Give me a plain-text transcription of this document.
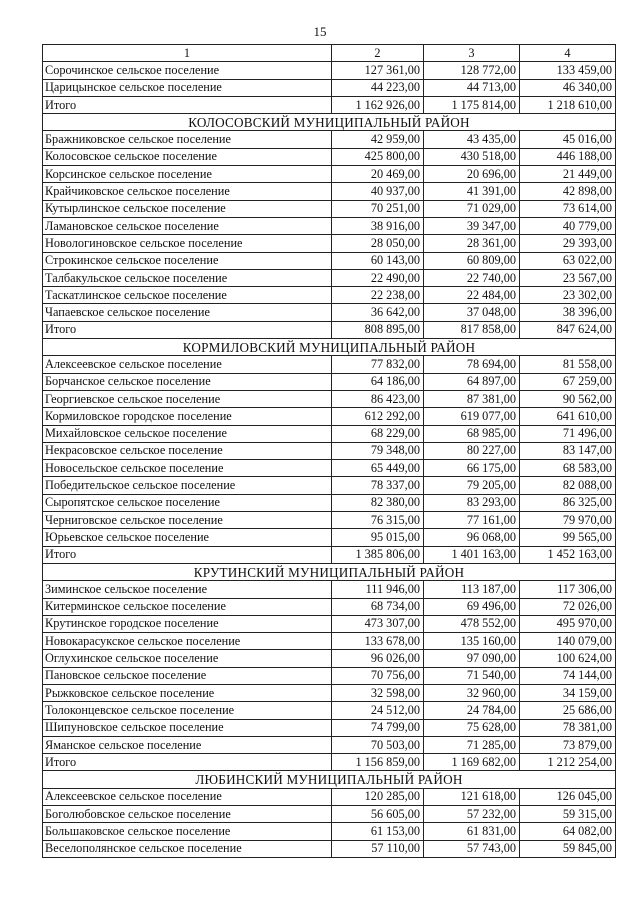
15
1	2	3	4
Сорочинское сельское поселение	127 361,00	128 772,00	133 459,00
Царицынское сельское поселение	44 223,00	44 713,00	46 340,00
Итого	1 162 926,00	1 175 814,00	1 218 610,00
КОЛОСОВСКИЙ МУНИЦИПАЛЬНЫЙ РАЙОН			
Бражниковское сельское поселение	42 959,00	43 435,00	45 016,00
Колосовское сельское поселение	425 800,00	430 518,00	446 188,00
Корсинское сельское поселение	20 469,00	20 696,00	21 449,00
Крайчиковское сельское поселение	40 937,00	41 391,00	42 898,00
Кутырлинское сельское поселение	70 251,00	71 029,00	73 614,00
Ламановское сельское поселение	38 916,00	39 347,00	40 779,00
Новологиновское сельское поселение	28 050,00	28 361,00	29 393,00
Строкинское сельское поселение	60 143,00	60 809,00	63 022,00
Талбакульское сельское поселение	22 490,00	22 740,00	23 567,00
Таскатлинское сельское поселение	22 238,00	22 484,00	23 302,00
Чапаевское сельское поселение	36 642,00	37 048,00	38 396,00
Итого	808 895,00	817 858,00	847 624,00
КОРМИЛОВСКИЙ МУНИЦИПАЛЬНЫЙ РАЙОН			
Алексеевское сельское поселение	77 832,00	78 694,00	81 558,00
Борчанское сельское поселение	64 186,00	64 897,00	67 259,00
Георгиевское сельское поселение	86 423,00	87 381,00	90 562,00
Кормиловское городское поселение	612 292,00	619 077,00	641 610,00
Михайловское сельское поселение	68 229,00	68 985,00	71 496,00
Некрасовское сельское поселение	79 348,00	80 227,00	83 147,00
Новосельское сельское поселение	65 449,00	66 175,00	68 583,00
Победительское сельское поселение	78 337,00	79 205,00	82 088,00
Сыропятское сельское поселение	82 380,00	83 293,00	86 325,00
Черниговское сельское поселение	76 315,00	77 161,00	79 970,00
Юрьевское сельское поселение	95 015,00	96 068,00	99 565,00
Итого	1 385 806,00	1 401 163,00	1 452 163,00
КРУТИНСКИЙ МУНИЦИПАЛЬНЫЙ РАЙОН			
Зиминское сельское поселение	111 946,00	113 187,00	117 306,00
Китерминское сельское поселение	68 734,00	69 496,00	72 026,00
Крутинское городское поселение	473 307,00	478 552,00	495 970,00
Новокарасукское сельское поселение	133 678,00	135 160,00	140 079,00
Оглухинское сельское поселение	96 026,00	97 090,00	100 624,00
Пановское сельское поселение	70 756,00	71 540,00	74 144,00
Рыжковское сельское поселение	32 598,00	32 960,00	34 159,00
Толоконцевское сельское поселение	24 512,00	24 784,00	25 686,00
Шипуновское сельское поселение	74 799,00	75 628,00	78 381,00
Яманское сельское поселение	70 503,00	71 285,00	73 879,00
Итого	1 156 859,00	1 169 682,00	1 212 254,00
ЛЮБИНСКИЙ МУНИЦИПАЛЬНЫЙ РАЙОН			
Алексеевское сельское поселение	120 285,00	121 618,00	126 045,00
Боголюбовское сельское поселение	56 605,00	57 232,00	59 315,00
Большаковское сельское поселение	61 153,00	61 831,00	64 082,00
Веселополянское сельское поселение	57 110,00	57 743,00	59 845,00
